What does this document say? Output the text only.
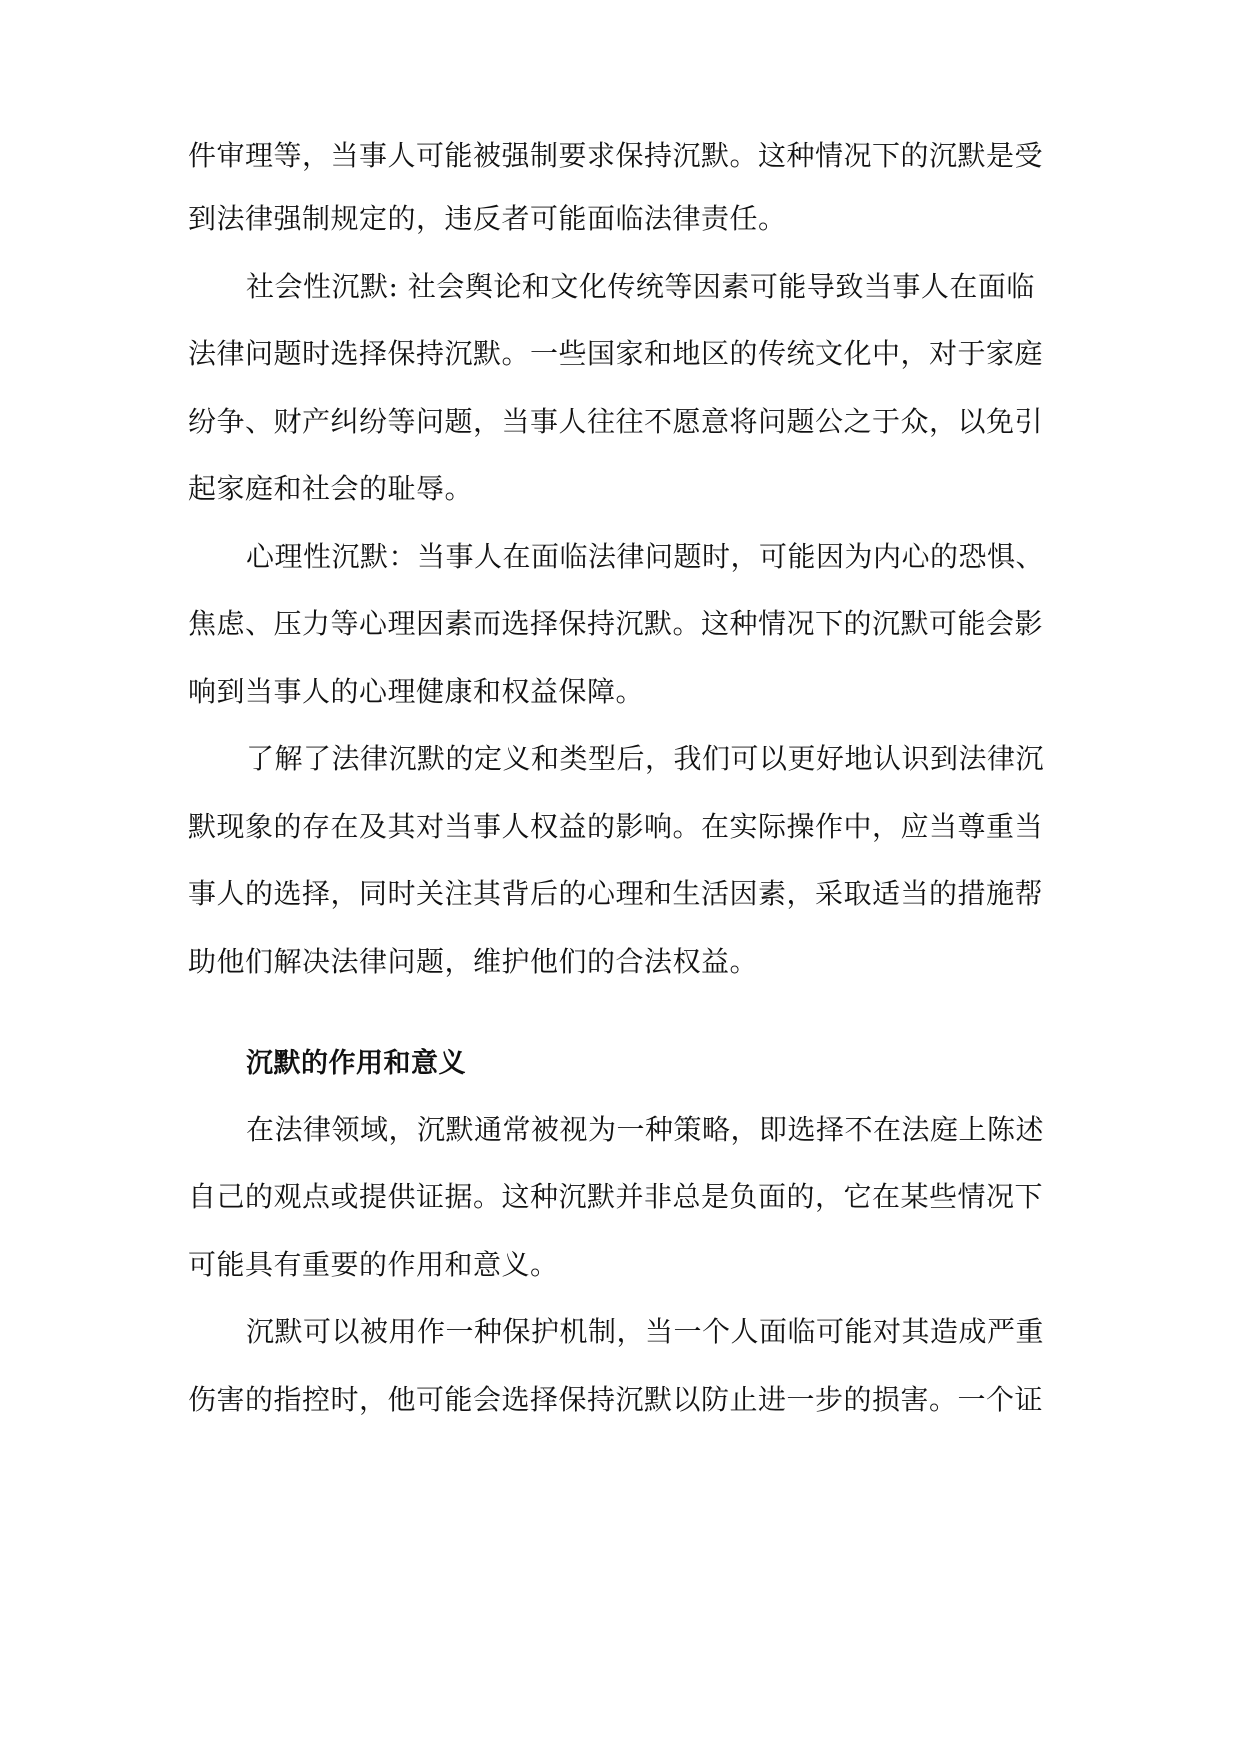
件审理等，当事人可能被强制要求保持沉默。这种情况下的沉默是受
到法律强制规定的，违反者可能面临法律责任。
社会性沉默: 社会舆论和文化传统等因素可能导致当事人在面临
法律问题时选择保持沉默。一些国家和地区的传统文化中，对于家庭
纷争、财产纠纷等问题，当事人往往不愿意将问题公之于众，以免引
起家庭和社会的耻辱。
心理性沉默：当事人在面临法律问题时，可能因为内心的恐惧、
焦虑、压力等心理因素而选择保持沉默。这种情况下的沉默可能会影
响到当事人的心理健康和权益保障。
了解了法律沉默的定义和类型后，我们可以更好地认识到法律沉
默现象的存在及其对当事人权益的影响。在实际操作中，应当尊重当
事人的选择，同时关注其背后的心理和生活因素，采取适当的措施帮
助他们解决法律问题，维护他们的合法权益。
沉默的作用和意义
在法律领域，沉默通常被视为一种策略，即选择不在法庭上陈述
自己的观点或提供证据。这种沉默并非总是负面的，它在某些情况下
可能具有重要的作用和意义。
沉默可以被用作一种保护机制，当一个人面临可能对其造成严重
伤害的指控时，他可能会选择保持沉默以防止进一步的损害。一个证
